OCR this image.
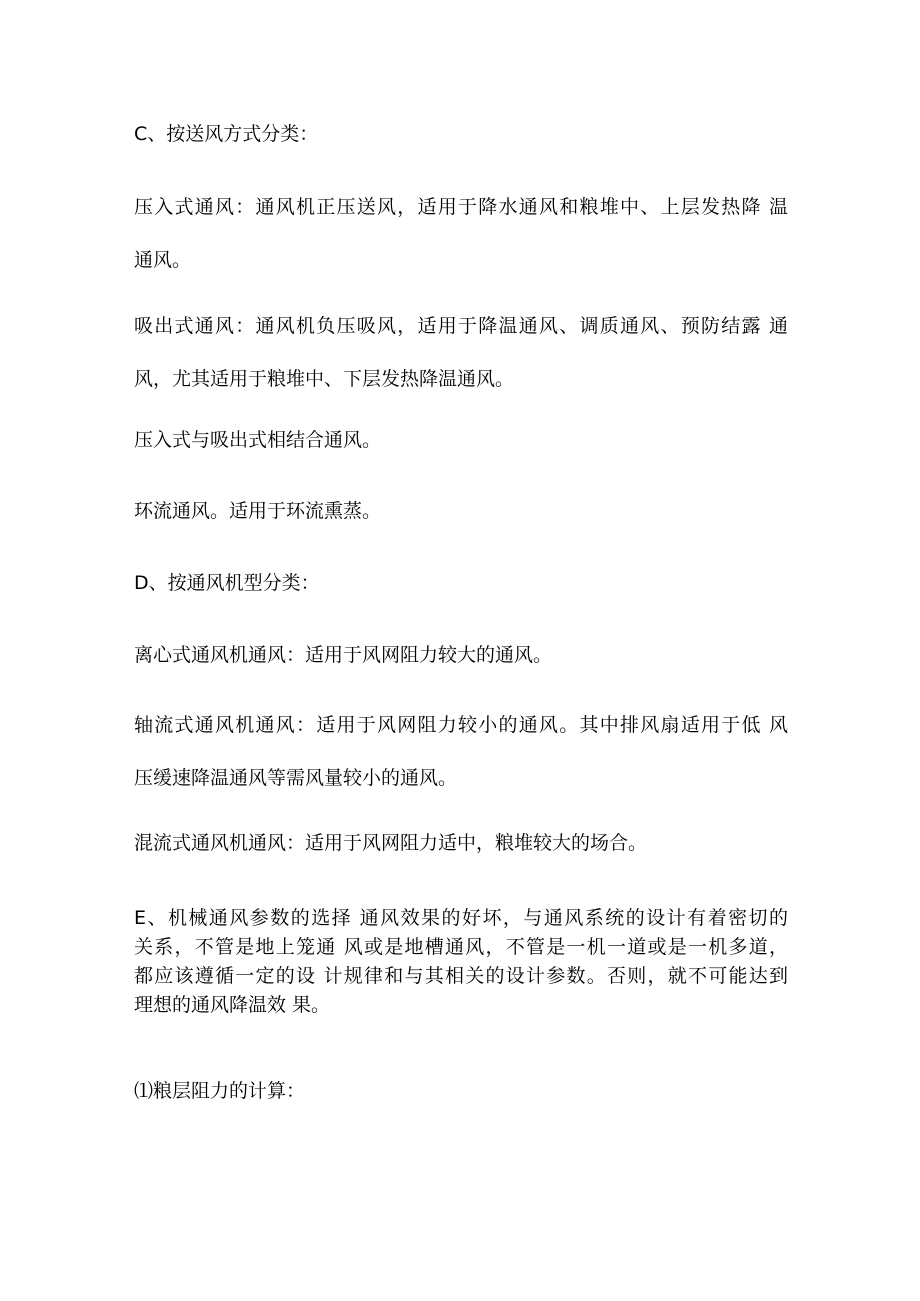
C、按送风方式分类：

压入式通风：通风机正压送风，适用于降水通风和粮堆中、上层发热降 温
通风。

吸出式通风：通风机负压吸风，适用于降温通风、调质通风、预防结露 通
风，尤其适用于粮堆中、下层发热降温通风。

压入式与吸出式相结合通风。

环流通风。适用于环流熏蒸。

D、按通风机型分类：

离心式通风机通风：适用于风网阻力较大的通风。

轴流式通风机通风：适用于风网阻力较小的通风。其中排风扇适用于低 风
压缓速降温通风等需风量较小的通风。

混流式通风机通风：适用于风网阻力适中，粮堆较大的场合。

E、机械通风参数的选择 通风效果的好坏，与通风系统的设计有着密切的
关系，不管是地上笼通 风或是地槽通风，不管是一机一道或是一机多道，
都应该遵循一定的设 计规律和与其相关的设计参数。否则，就不可能达到
理想的通风降温效 果。

⑴粮层阻力的计算：
